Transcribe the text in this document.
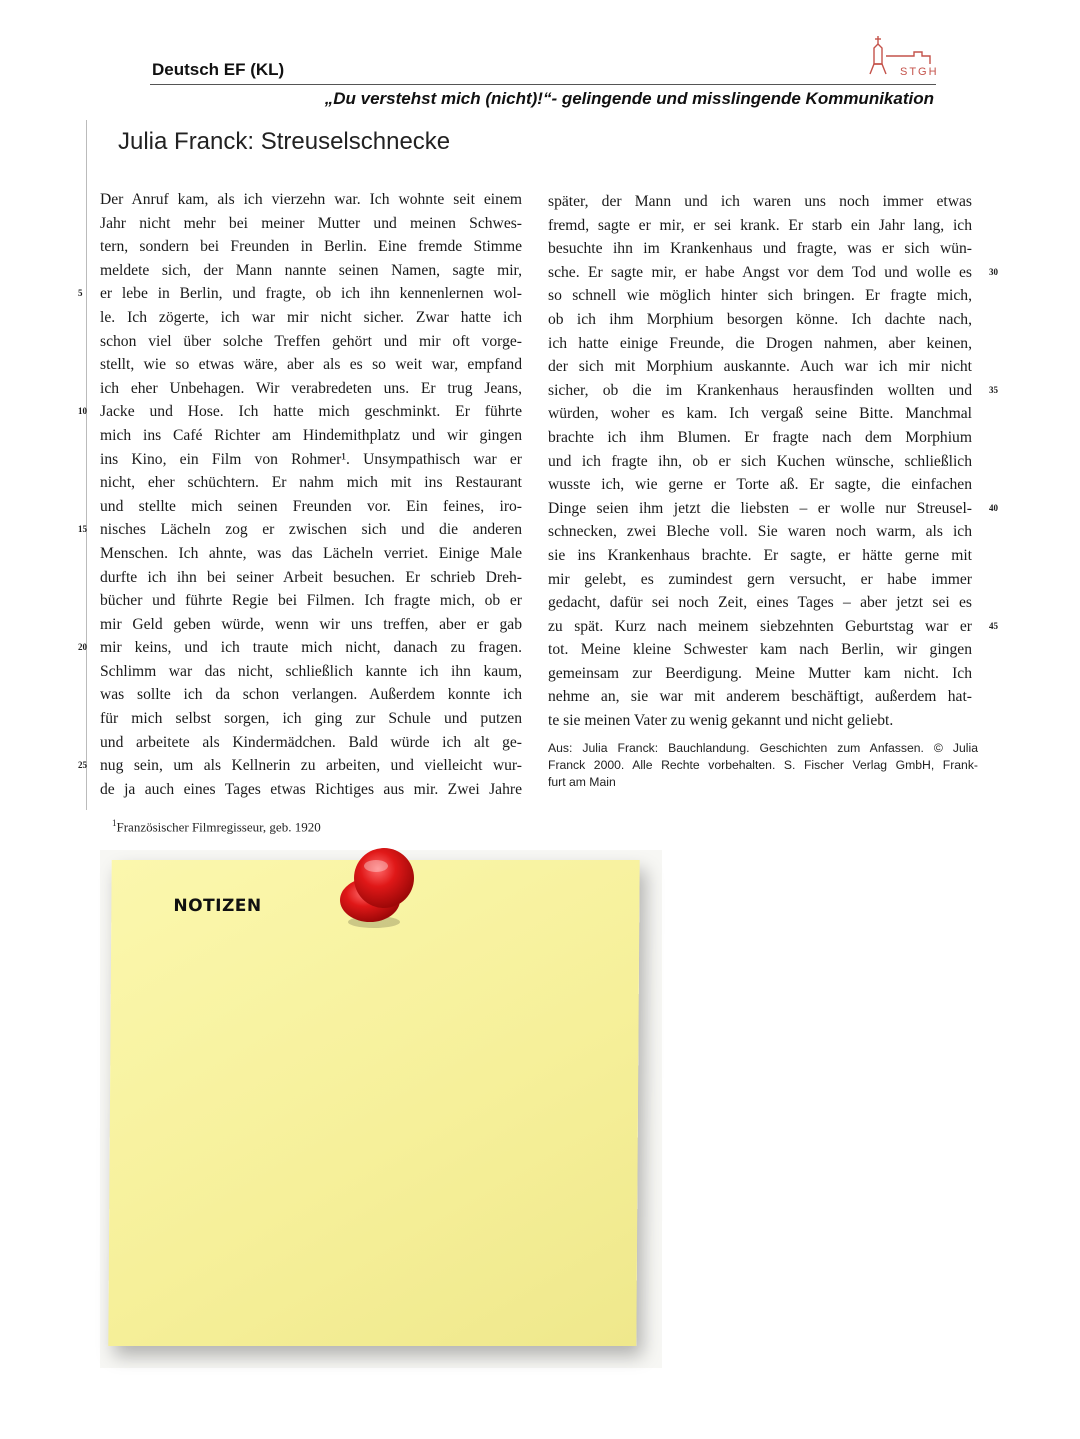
Deutsch EF (KL)	STGH
„Du verstehst mich (nicht)!“- gelingende und misslingende Kommunikation
Julia Franck: Streuselschnecke
Der Anruf kam, als ich vierzehn war. Ich wohnte seit einem
Jahr nicht mehr bei meiner Mutter und meinen Schwes-
tern, sondern bei Freunden in Berlin. Eine fremde Stimme
meldete sich, der Mann nannte seinen Namen, sagte mir,
5 er lebe in Berlin, und fragte, ob ich ihn kennenlernen wol-
le. Ich zögerte, ich war mir nicht sicher. Zwar hatte ich
schon viel über solche Treffen gehört und mir oft vorge-
stellt, wie so etwas wäre, aber als es so weit war, empfand
ich eher Unbehagen. Wir verabredeten uns. Er trug Jeans,
10 Jacke und Hose. Ich hatte mich geschminkt. Er führte
mich ins Café Richter am Hindemithplatz und wir gingen
ins Kino, ein Film von Rohmer¹. Unsympathisch war er
nicht, eher schüchtern. Er nahm mich mit ins Restaurant
und stellte mich seinen Freunden vor. Ein feines, iro-
15 nisches Lächeln zog er zwischen sich und die anderen
Menschen. Ich ahnte, was das Lächeln verriet. Einige Male
durfte ich ihn bei seiner Arbeit besuchen. Er schrieb Dreh-
bücher und führte Regie bei Filmen. Ich fragte mich, ob er
mir Geld geben würde, wenn wir uns treffen, aber er gab
20 mir keins, und ich traute mich nicht, danach zu fragen.
Schlimm war das nicht, schließlich kannte ich ihn kaum,
was sollte ich da schon verlangen. Außerdem konnte ich
für mich selbst sorgen, ich ging zur Schule und putzen
und arbeitete als Kindermädchen. Bald würde ich alt ge-
25 nug sein, um als Kellnerin zu arbeiten, und vielleicht wur-
de ja auch eines Tages etwas Richtiges aus mir. Zwei Jahre
später, der Mann und ich waren uns noch immer etwas
fremd, sagte er mir, er sei krank. Er starb ein Jahr lang, ich
besuchte ihn im Krankenhaus und fragte, was er sich wün-
sche. Er sagte mir, er habe Angst vor dem Tod und wolle es 30
so schnell wie möglich hinter sich bringen. Er fragte mich,
ob ich ihm Morphium besorgen könne. Ich dachte nach,
ich hatte einige Freunde, die Drogen nahmen, aber keinen,
der sich mit Morphium auskannte. Auch war ich mir nicht
sicher, ob die im Krankenhaus herausfinden wollten und 35
würden, woher es kam. Ich vergaß seine Bitte. Manchmal
brachte ich ihm Blumen. Er fragte nach dem Morphium
und ich fragte ihn, ob er sich Kuchen wünsche, schließlich
wusste ich, wie gerne er Torte aß. Er sagte, die einfachen
Dinge seien ihm jetzt die liebsten – er wolle nur Streusel- 40
schnecken, zwei Bleche voll. Sie waren noch warm, als ich
sie ins Krankenhaus brachte. Er sagte, er hätte gerne mit
mir gelebt, es zumindest gern versucht, er habe immer
gedacht, dafür sei noch Zeit, eines Tages – aber jetzt sei es
zu spät. Kurz nach meinem siebzehnten Geburtstag war er 45
tot. Meine kleine Schwester kam nach Berlin, wir gingen
gemeinsam zur Beerdigung. Meine Mutter kam nicht. Ich
nehme an, sie war mit anderem beschäftigt, außerdem hat-
te sie meinen Vater zu wenig gekannt und nicht geliebt.
Aus: Julia Franck: Bauchlandung. Geschichten zum Anfassen. © Julia
Franck 2000. Alle Rechte vorbehalten. S. Fischer Verlag GmbH, Frank-
furt am Main
$^1$Französischer Filmregisseur, geb. 1920
NOTIZEN
